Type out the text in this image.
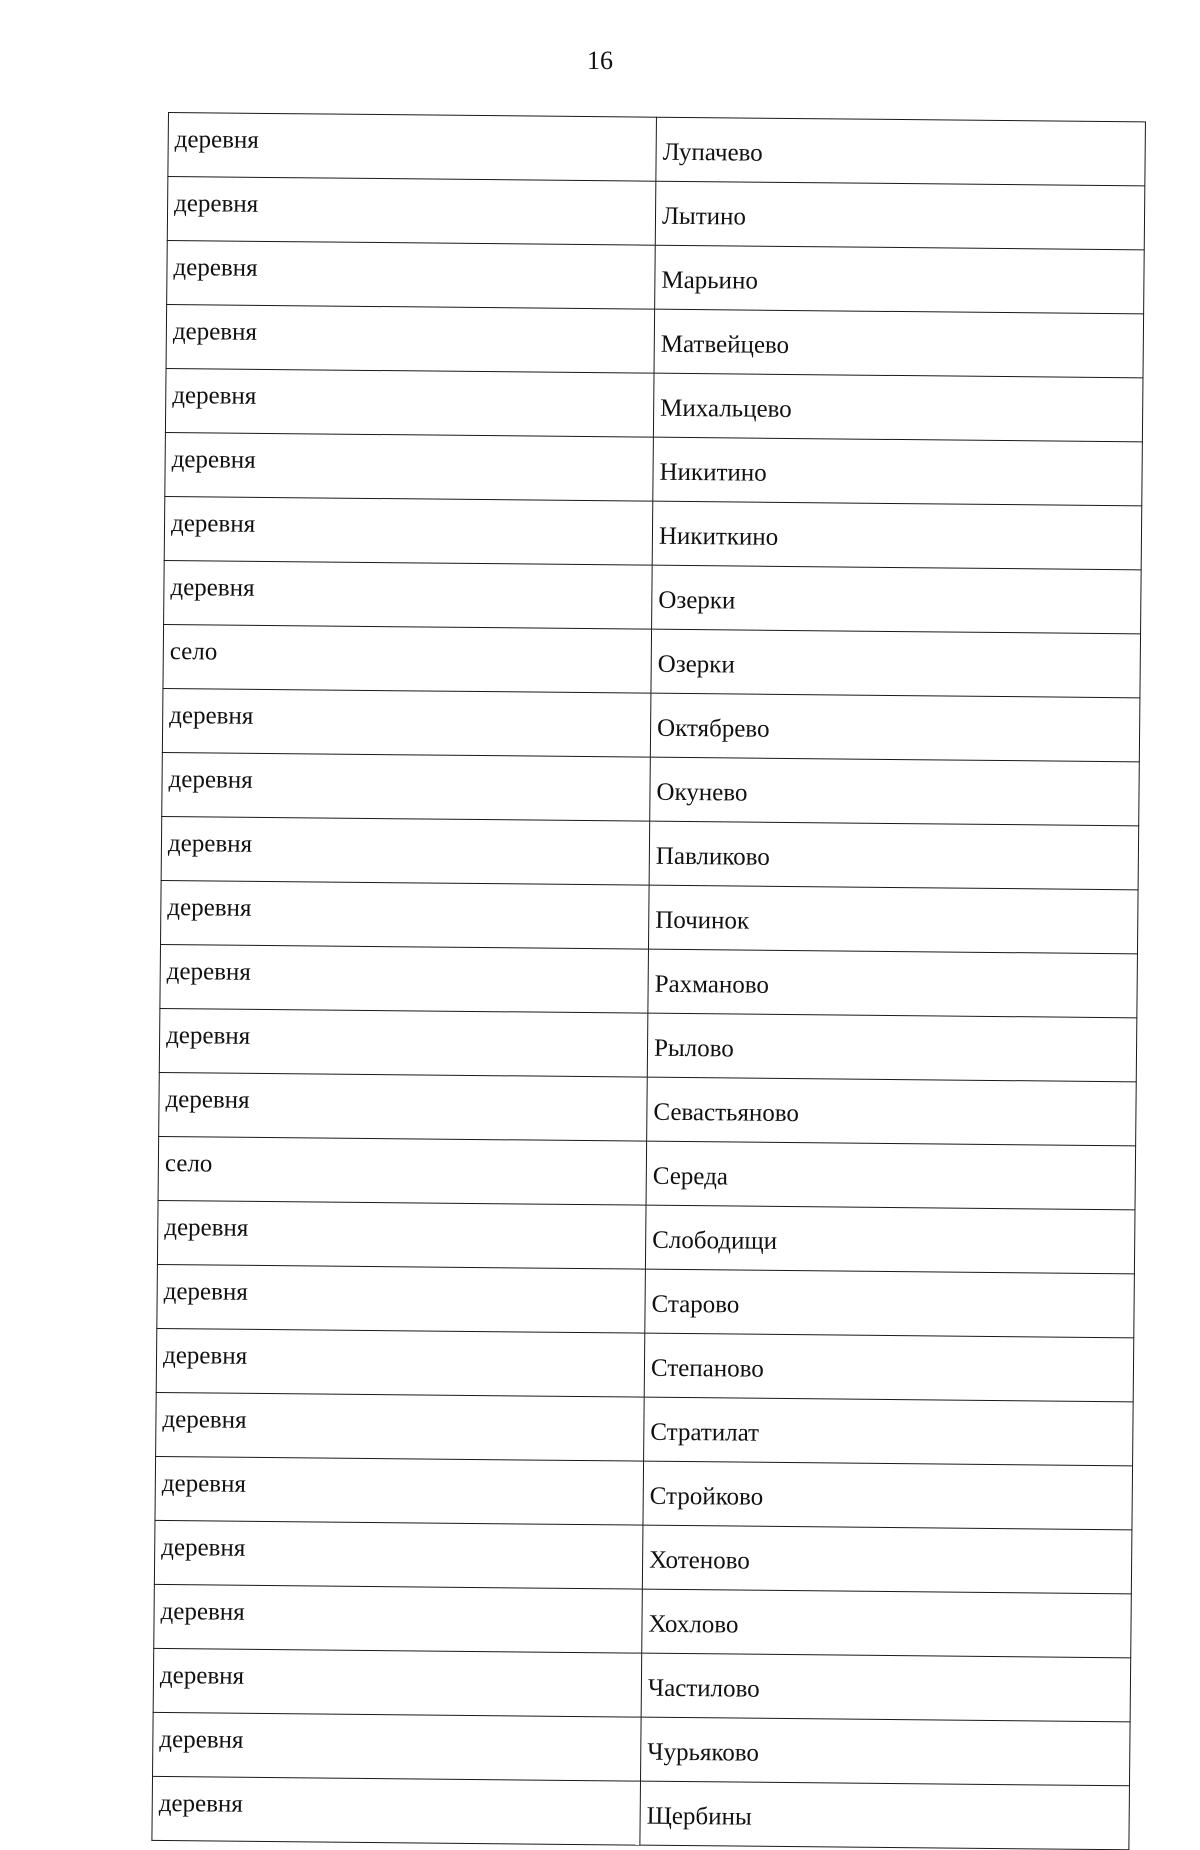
16
деревня	Лупачево
деревня	Лытино
деревня	Марьино
деревня	Матвейцево
деревня	Михальцево
деревня	Никитино
деревня	Никиткино
деревня	Озерки
село	Озерки
деревня	Октябрево
деревня	Окунево
деревня	Павликово
деревня	Починок
деревня	Рахманово
деревня	Рылово
деревня	Севастьяново
село	Середа
деревня	Слободищи
деревня	Старово
деревня	Степаново
деревня	Стратилат
деревня	Стройково
деревня	Хотеново
деревня	Хохлово
деревня	Частилово
деревня	Чурьяково
деревня	Щербины
